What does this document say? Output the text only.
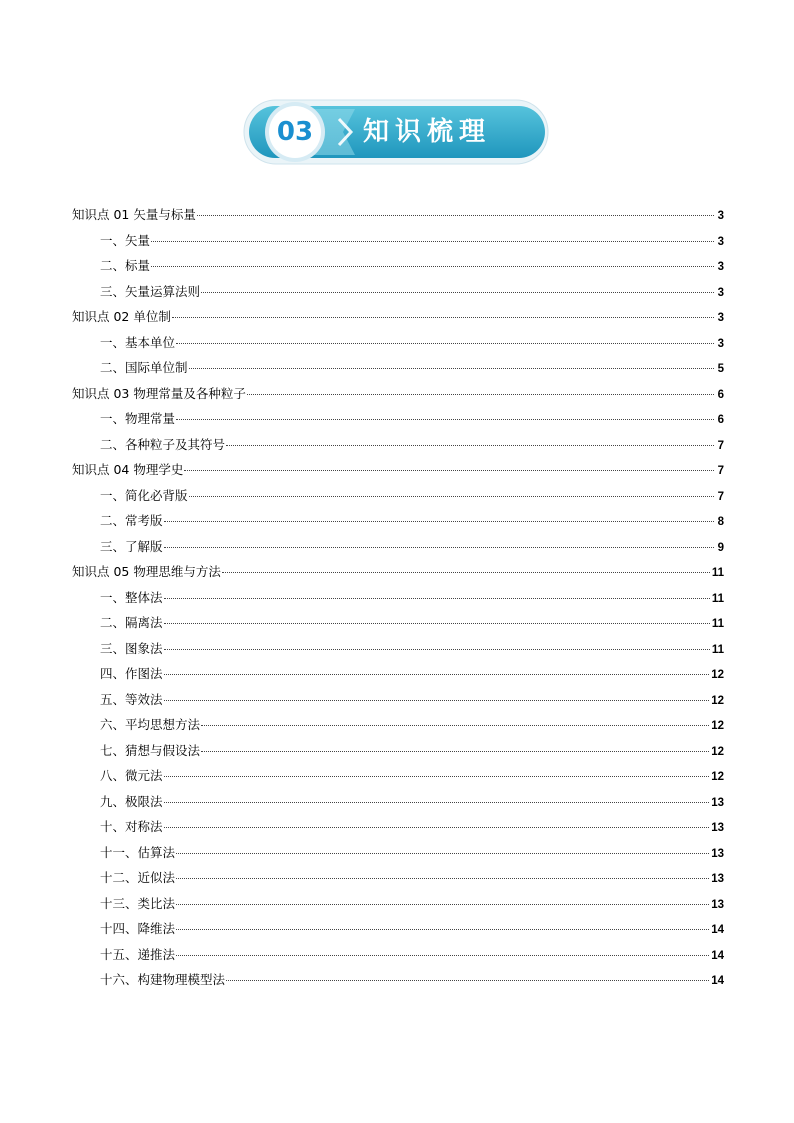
03	知识梳理
知识点 01 矢量与标量	3
一、矢量	3
二、标量	3
三、矢量运算法则	3
知识点 02 单位制	3
一、基本单位	3
二、国际单位制	5
知识点 03 物理常量及各种粒子	6
一、物理常量	6
二、各种粒子及其符号	7
知识点 04 物理学史	7
一、简化必背版	7
二、常考版	8
三、了解版	9
知识点 05 物理思维与方法	11
一、整体法	11
二、隔离法	11
三、图象法	11
四、作图法	12
五、等效法	12
六、平均思想方法	12
七、猜想与假设法	12
八、微元法	12
九、极限法	13
十、对称法	13
十一、估算法	13
十二、近似法	13
十三、类比法	13
十四、降维法	14
十五、递推法	14
十六、构建物理模型法	14
